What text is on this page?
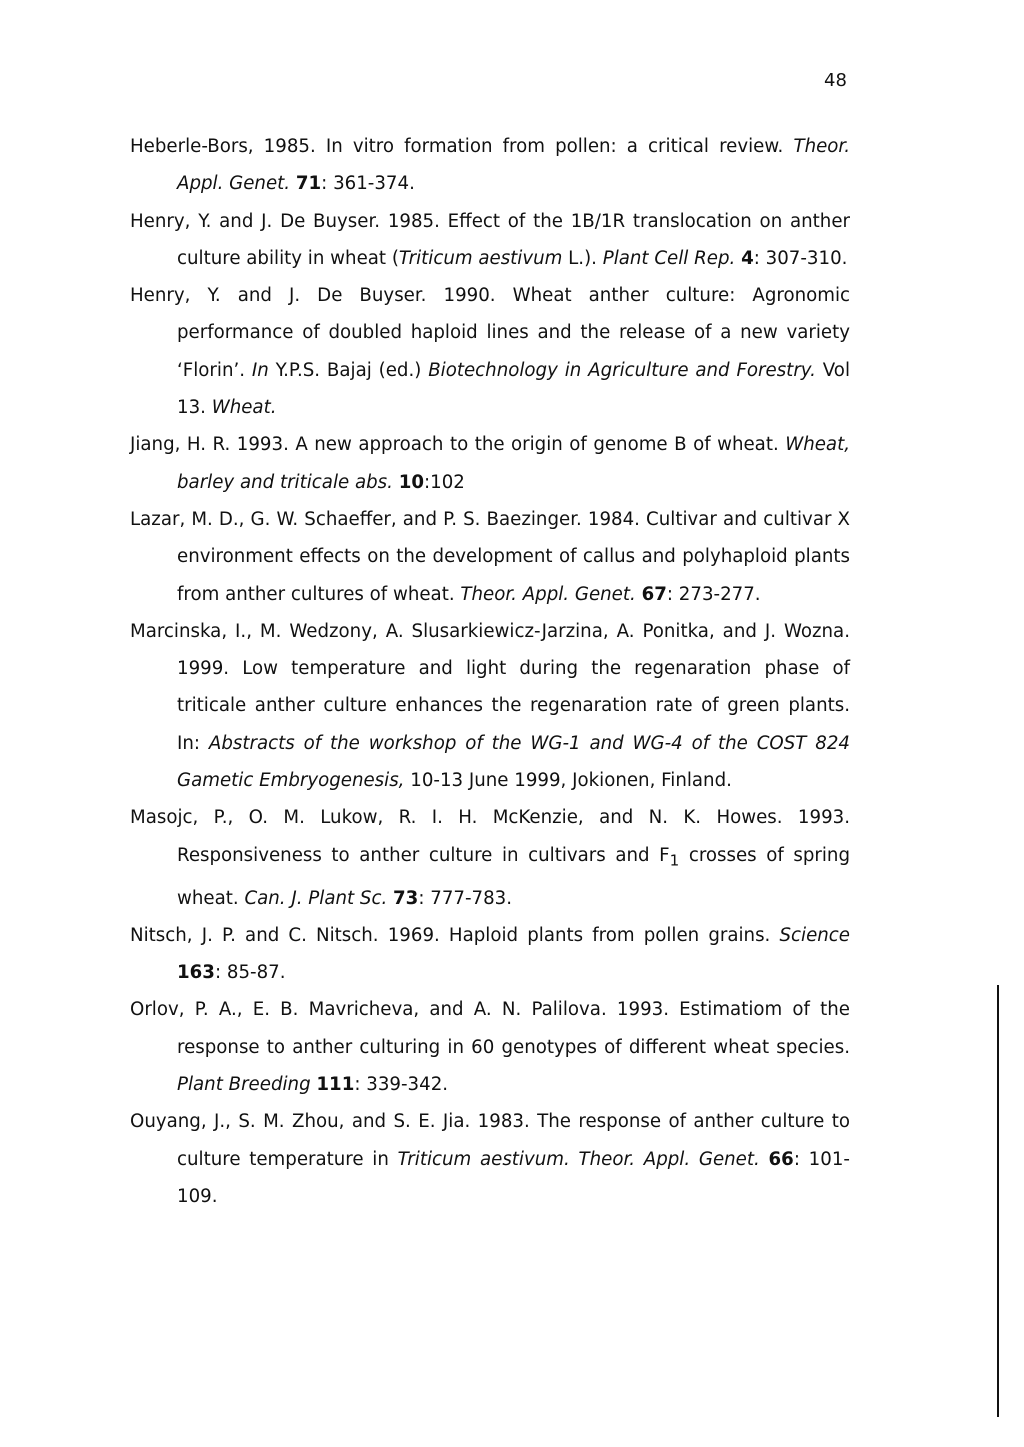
48

Heberle-Bors, 1985. In vitro formation from pollen: a critical review. Theor. Appl. Genet. 71: 361-374.

Henry, Y. and J. De Buyser. 1985. Effect of the 1B/1R translocation on anther culture ability in wheat (Triticum aestivum L.). Plant Cell Rep. 4: 307-310.

Henry, Y. and J. De Buyser. 1990. Wheat anther culture: Agronomic performance of doubled haploid lines and the release of a new variety ‘Florin’. In Y.P.S. Bajaj (ed.) Biotechnology in Agriculture and Forestry. Vol 13. Wheat.

Jiang, H. R. 1993. A new approach to the origin of genome B of wheat. Wheat, barley and triticale abs. 10:102

Lazar, M. D., G. W. Schaeffer, and P. S. Baezinger. 1984. Cultivar and cultivar X environment effects on the development of callus and polyhaploid plants from anther cultures of wheat. Theor. Appl. Genet. 67: 273-277.

Marcinska, I., M. Wedzony, A. Slusarkiewicz-Jarzina, A. Ponitka, and J. Wozna. 1999. Low temperature and light during the regenaration phase of triticale anther culture enhances the regenaration rate of green plants. In: Abstracts of the workshop of the WG-1 and WG-4 of the COST 824 Gametic Embryogenesis, 10-13 June 1999, Jokionen, Finland.

Masojc, P., O. M. Lukow, R. I. H. McKenzie, and N. K. Howes. 1993. Responsiveness to anther culture in cultivars and $F_1$ crosses of spring wheat. Can. J. Plant Sc. 73: 777-783.

Nitsch, J. P. and C. Nitsch. 1969. Haploid plants from pollen grains. Science 163: 85-87.

Orlov, P. A., E. B. Mavricheva, and A. N. Palilova. 1993. Estimatiom of the response to anther culturing in 60 genotypes of different wheat species. Plant Breeding 111: 339-342.

Ouyang, J., S. M. Zhou, and S. E. Jia. 1983. The response of anther culture to culture temperature in Triticum aestivum. Theor. Appl. Genet. 66: 101-109.
